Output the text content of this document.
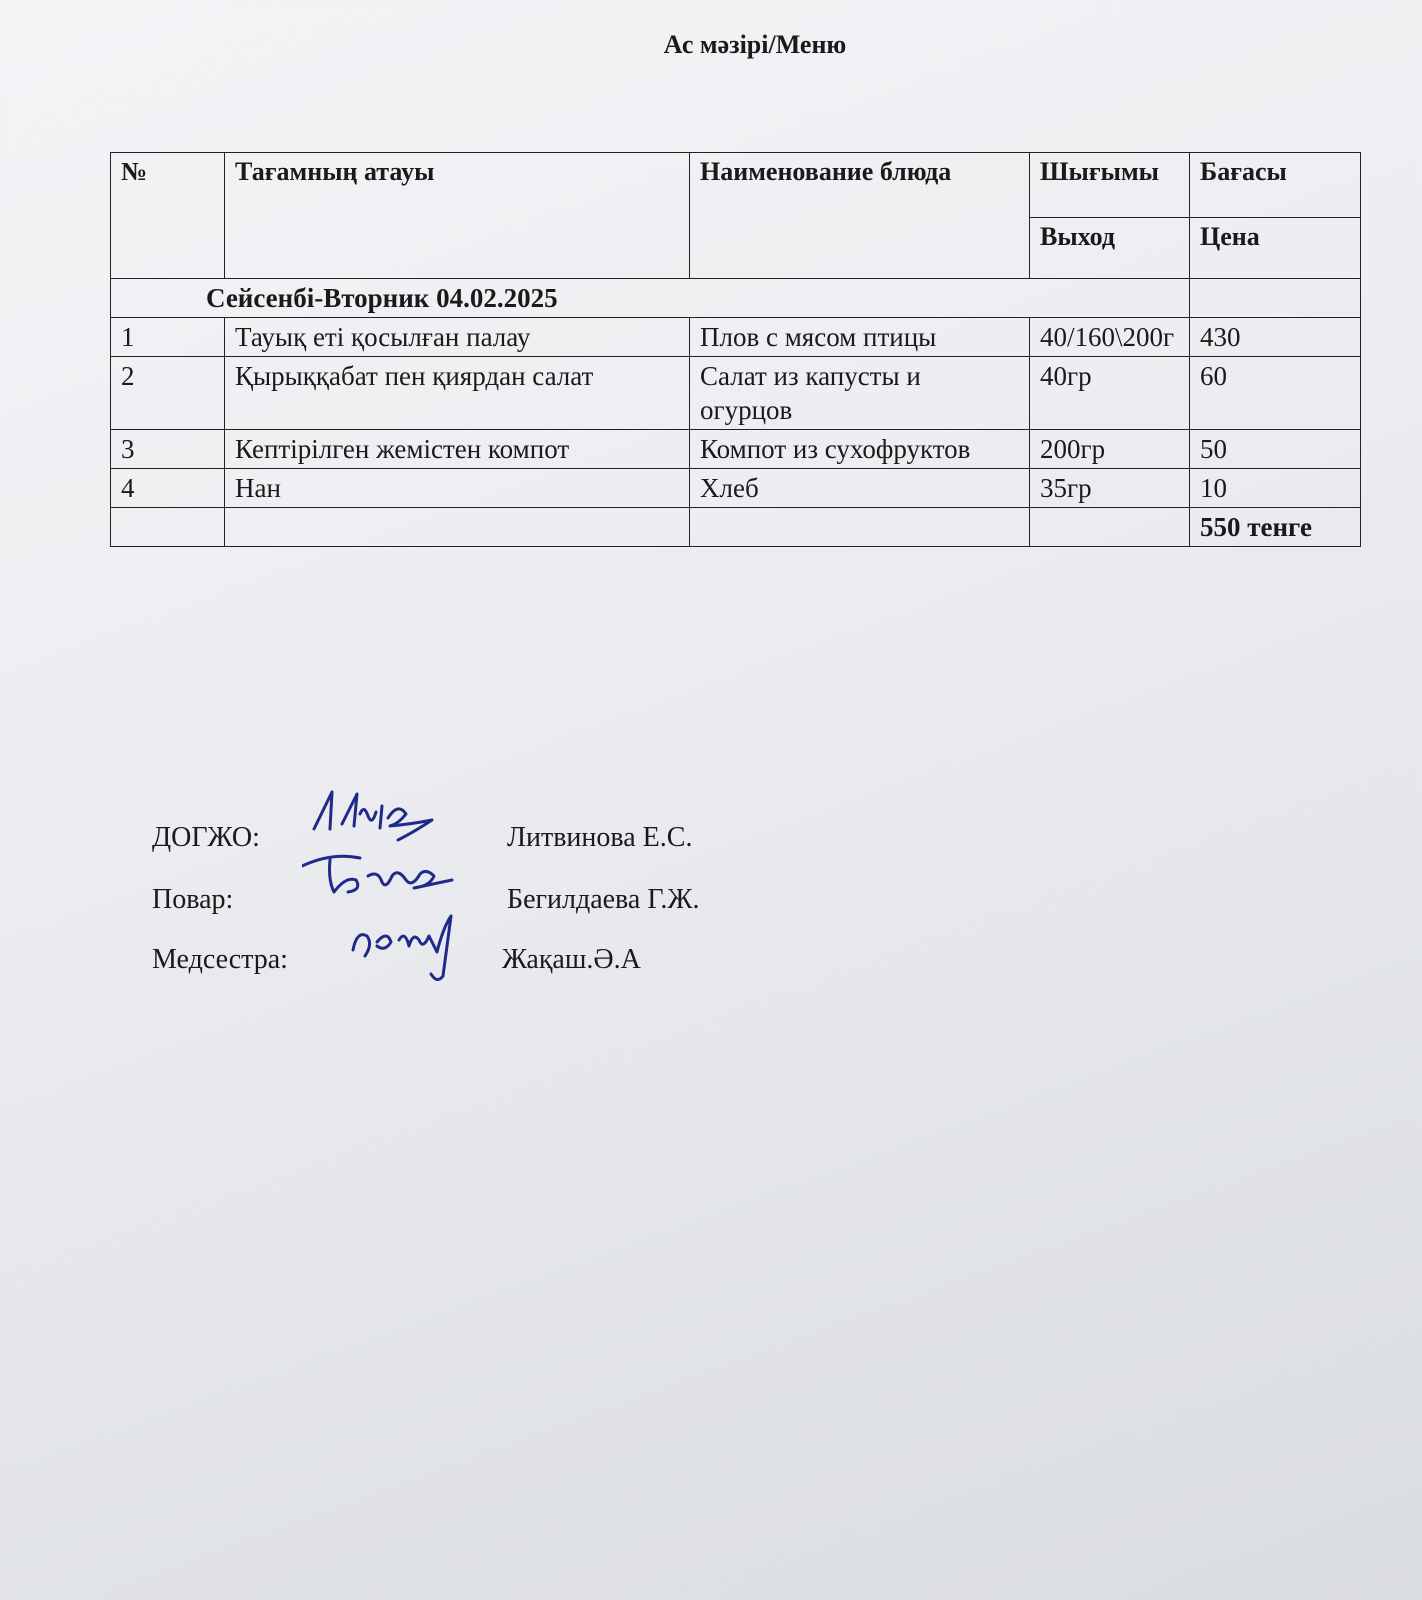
Ас мәзірі/Меню
№	Тағамның атауы	Наименование блюда	Шығымы	Бағасы
			Выход	Цена
Сейсенбі-Вторник 04.02.2025				
1	Тауық еті қосылған палау	Плов с мясом птицы	40/160\200г	430
2	Қырыққабат пен қиярдан салат	Салат из капусты и огурцов	40гр	60
3	Кептірілген жемістен компот	Компот из сухофруктов	200гр	50
4	Нан	Хлеб	35гр	10
				550 тенге
ДОГЖО:	Литвинова Е.С.
Повар:	Бегилдаева Г.Ж.
Медсестра:	Жақаш.Ә.А
